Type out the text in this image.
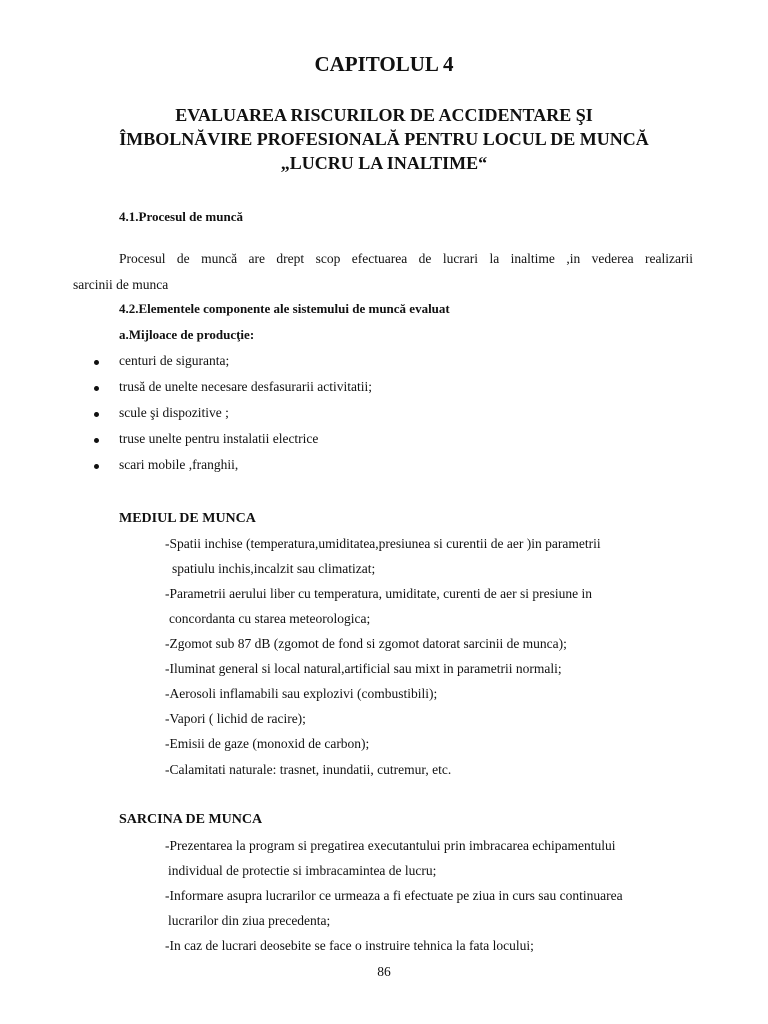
CAPITOLUL 4
EVALUAREA RISCURILOR DE ACCIDENTARE ŞI
ÎMBOLNĂVIRE PROFESIONALĂ PENTRU LOCUL DE MUNCĂ
„LUCRU LA INALTIME“
4.1.Procesul de muncă
Procesul de muncă are drept scop efectuarea de lucrari la inaltime ,in vederea realizarii
sarcinii de munca
4.2.Elementele componente ale sistemului de muncă evaluat
a.Mijloace de producţie:
centuri de siguranta;
trusă de unelte necesare desfasurarii activitatii;
scule şi dispozitive ;
truse unelte pentru instalatii electrice
scari mobile ,franghii,
MEDIUL DE MUNCA
-Spatii inchise (temperatura,umiditatea,presiunea si curentii de aer )in parametrii
spatiulu inchis,incalzit sau climatizat;
-Parametrii aerului liber cu temperatura, umiditate, curenti de aer si presiune in
concordanta cu starea meteorologica;
-Zgomot sub 87 dB (zgomot de fond si zgomot datorat sarcinii de munca);
-Iluminat general si local natural,artificial sau mixt in parametrii normali;
-Aerosoli inflamabili sau explozivi (combustibili);
-Vapori ( lichid de racire);
-Emisii de gaze (monoxid de carbon);
-Calamitati naturale: trasnet, inundatii, cutremur, etc.
SARCINA DE MUNCA
-Prezentarea la program si pregatirea executantului prin imbracarea echipamentului
individual de protectie si imbracamintea de lucru;
-Informare asupra lucrarilor ce urmeaza a fi efectuate pe ziua in curs sau continuarea
lucrarilor din ziua precedenta;
-In caz de lucrari deosebite se face o instruire tehnica la fata locului;
86
